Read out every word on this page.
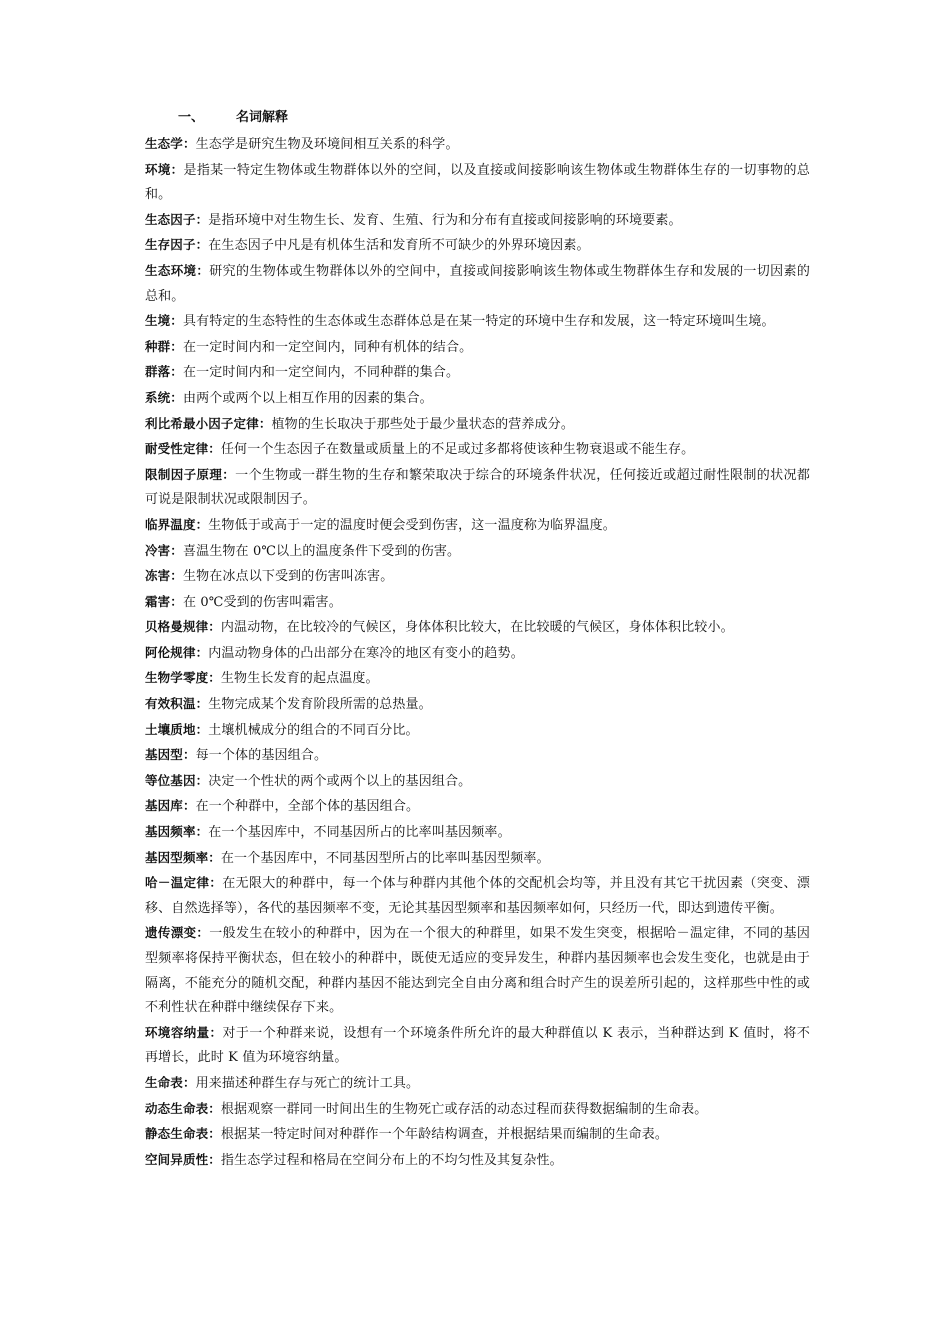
一、 名词解释

生态学：生态学是研究生物及环境间相互关系的科学。

环境：是指某一特定生物体或生物群体以外的空间，以及直接或间接影响该生物体或生物群体生存的一切事物的总和。

生态因子：是指环境中对生物生长、发育、生殖、行为和分布有直接或间接影响的环境要素。

生存因子：在生态因子中凡是有机体生活和发育所不可缺少的外界环境因素。

生态环境：研究的生物体或生物群体以外的空间中，直接或间接影响该生物体或生物群体生存和发展的一切因素的总和。

生境：具有特定的生态特性的生态体或生态群体总是在某一特定的环境中生存和发展，这一特定环境叫生境。

种群：在一定时间内和一定空间内，同种有机体的结合。

群落：在一定时间内和一定空间内，不同种群的集合。

系统：由两个或两个以上相互作用的因素的集合。

利比希最小因子定律：植物的生长取决于那些处于最少量状态的营养成分。

耐受性定律：任何一个生态因子在数量或质量上的不足或过多都将使该种生物衰退或不能生存。

限制因子原理：一个生物或一群生物的生存和繁荣取决于综合的环境条件状况，任何接近或超过耐性限制的状况都可说是限制状况或限制因子。

临界温度：生物低于或高于一定的温度时便会受到伤害，这一温度称为临界温度。

冷害：喜温生物在 0℃以上的温度条件下受到的伤害。

冻害：生物在冰点以下受到的伤害叫冻害。

霜害：在 0℃受到的伤害叫霜害。

贝格曼规律：内温动物，在比较冷的气候区，身体体积比较大，在比较暖的气候区，身体体积比较小。

阿伦规律：内温动物身体的凸出部分在寒冷的地区有变小的趋势。

生物学零度：生物生长发育的起点温度。

有效积温：生物完成某个发育阶段所需的总热量。

土壤质地：土壤机械成分的组合的不同百分比。

基因型：每一个体的基因组合。

等位基因：决定一个性状的两个或两个以上的基因组合。

基因库：在一个种群中，全部个体的基因组合。

基因频率：在一个基因库中，不同基因所占的比率叫基因频率。

基因型频率：在一个基因库中，不同基因型所占的比率叫基因型频率。

哈－温定律：在无限大的种群中，每一个体与种群内其他个体的交配机会均等，并且没有其它干扰因素（突变、漂移、自然选择等），各代的基因频率不变，无论其基因型频率和基因频率如何，只经历一代，即达到遗传平衡。

遗传漂变：一般发生在较小的种群中，因为在一个很大的种群里，如果不发生突变，根据哈－温定律，不同的基因型频率将保持平衡状态，但在较小的种群中，既使无适应的变异发生，种群内基因频率也会发生变化，也就是由于隔离，不能充分的随机交配，种群内基因不能达到完全自由分离和组合时产生的误差所引起的，这样那些中性的或不利性状在种群中继续保存下来。

环境容纳量：对于一个种群来说，设想有一个环境条件所允许的最大种群值以 K 表示，当种群达到 K 值时，将不再增长，此时 K 值为环境容纳量。

生命表：用来描述种群生存与死亡的统计工具。

动态生命表：根据观察一群同一时间出生的生物死亡或存活的动态过程而获得数据编制的生命表。

静态生命表：根据某一特定时间对种群作一个年龄结构调查，并根据结果而编制的生命表。

空间异质性：指生态学过程和格局在空间分布上的不均匀性及其复杂性。
